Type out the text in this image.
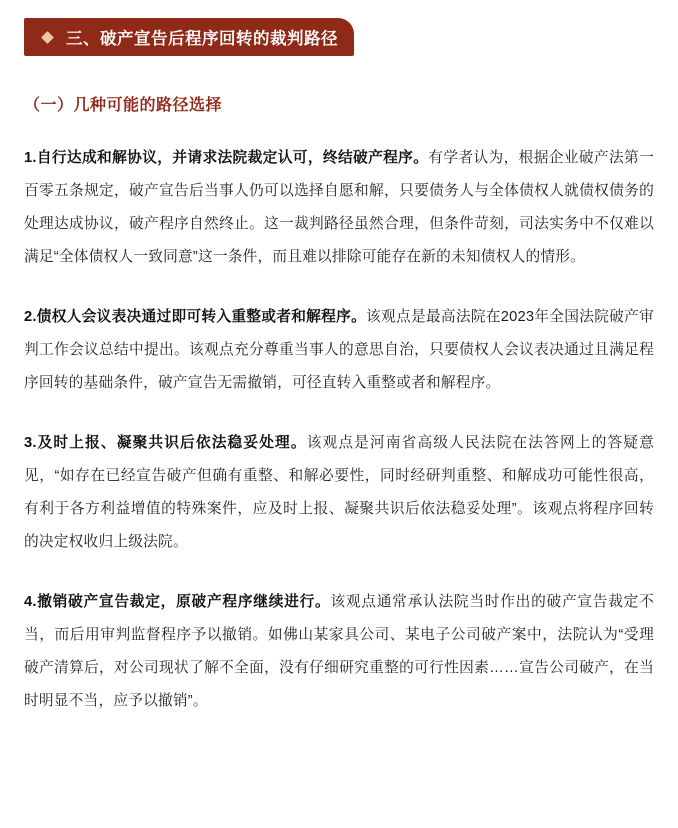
三、破产宣告后程序回转的裁判路径
（一）几种可能的路径选择

1.自行达成和解协议，并请求法院裁定认可，终结破产程序。有学者认为，根据企业破产法第一百零五条规定，破产宣告后当事人仍可以选择自愿和解，只要债务人与全体债权人就债权债务的处理达成协议，破产程序自然终止。这一裁判路径虽然合理，但条件苛刻，司法实务中不仅难以满足“全体债权人一致同意”这一条件，而且难以排除可能存在新的未知债权人的情形。

2.债权人会议表决通过即可转入重整或者和解程序。该观点是最高法院在2023年全国法院破产审判工作会议总结中提出。该观点充分尊重当事人的意思自治，只要债权人会议表决通过且满足程序回转的基础条件，破产宣告无需撤销，可径直转入重整或者和解程序。

3.及时上报、凝聚共识后依法稳妥处理。该观点是河南省高级人民法院在法答网上的答疑意见，“如存在已经宣告破产但确有重整、和解必要性，同时经研判重整、和解成功可能性很高，有利于各方利益增值的特殊案件，应及时上报、凝聚共识后依法稳妥处理”。该观点将程序回转的决定权收归上级法院。

4.撤销破产宣告裁定，原破产程序继续进行。该观点通常承认法院当时作出的破产宣告裁定不当，而后用审判监督程序予以撤销。如佛山某家具公司、某电子公司破产案中，法院认为“受理破产清算后，对公司现状了解不全面，没有仔细研究重整的可行性因素……宣告公司破产，在当时明显不当，应予以撤销”。
